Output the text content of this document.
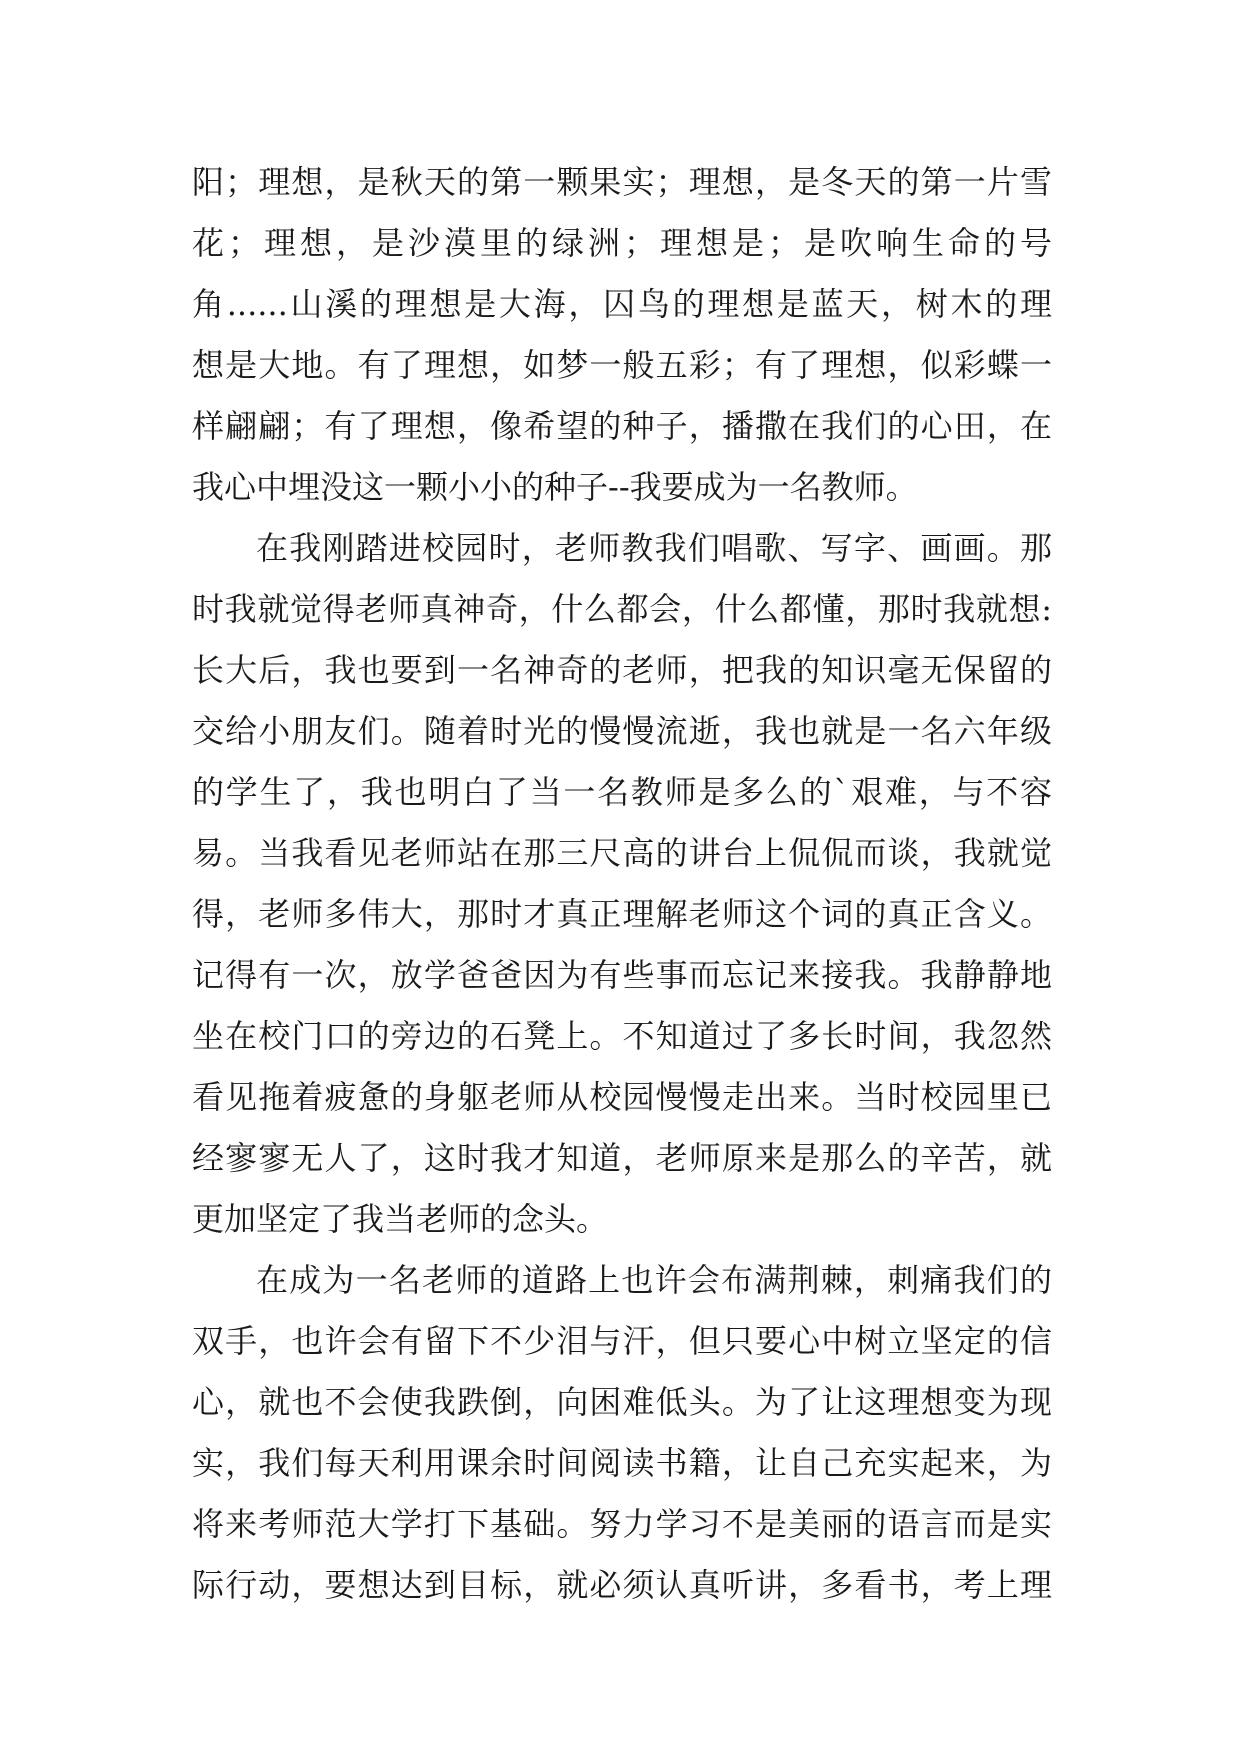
阳；理想，是秋天的第一颗果实；理想，是冬天的第一片雪
花；理想，是沙漠里的绿洲；理想是；是吹响生命的号
角......山溪的理想是大海，囚鸟的理想是蓝天，树木的理
想是大地。有了理想，如梦一般五彩；有了理想，似彩蝶一
样翩翩；有了理想，像希望的种子，播撒在我们的心田，在
我心中埋没这一颗小小的种子--我要成为一名教师。
在我刚踏进校园时，老师教我们唱歌、写字、画画。那
时我就觉得老师真神奇，什么都会，什么都懂，那时我就想:
长大后，我也要到一名神奇的老师，把我的知识毫无保留的
交给小朋友们。随着时光的慢慢流逝，我也就是一名六年级
的学生了，我也明白了当一名教师是多么的`艰难，与不容
易。当我看见老师站在那三尺高的讲台上侃侃而谈，我就觉
得，老师多伟大，那时才真正理解老师这个词的真正含义。
记得有一次，放学爸爸因为有些事而忘记来接我。我静静地
坐在校门口的旁边的石凳上。不知道过了多长时间，我忽然
看见拖着疲惫的身躯老师从校园慢慢走出来。当时校园里已
经寥寥无人了，这时我才知道，老师原来是那么的辛苦，就
更加坚定了我当老师的念头。
在成为一名老师的道路上也许会布满荆棘，刺痛我们的
双手，也许会有留下不少泪与汗，但只要心中树立坚定的信
心，就也不会使我跌倒，向困难低头。为了让这理想变为现
实，我们每天利用课余时间阅读书籍，让自己充实起来，为
将来考师范大学打下基础。努力学习不是美丽的语言而是实
际行动，要想达到目标，就必须认真听讲，多看书，考上理
